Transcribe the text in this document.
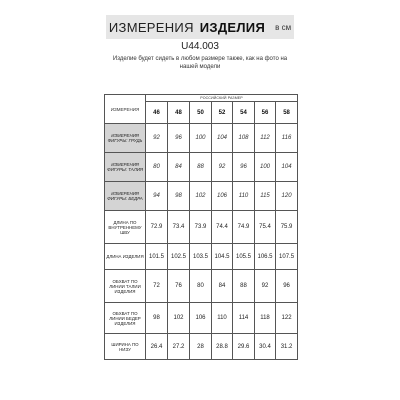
ИЗМЕРЕНИЯ ИЗДЕЛИЯ в см
U44.003
Изделие будет сидеть в любом размере также, как на фото на нашей модели
ИЗМЕРЕНИЯ	РОССИЙСКИЙ РАЗМЕР						
	46	48	50	52	54	56	58
ИЗМЕРЕНИЯ ФИГУРЫ: ГРУДЬ	92	96	100	104	108	112	116
ИЗМЕРЕНИЯ ФИГУРЫ: ТАЛИЯ	80	84	88	92	96	100	104
ИЗМЕРЕНИЯ ФИГУРЫ: БЕДРА	94	98	102	106	110	115	120
ДЛИНА ПО ВНУТРЕННЕМУ ШВУ	72.9	73.4	73.9	74.4	74.9	75.4	75.9
ДЛИНА ИЗДЕЛИЯ	101.5	102.5	103.5	104.5	105.5	106.5	107.5
ОБХВАТ ПО ЛИНИИ ТАЛИИ ИЗДЕЛИЯ	72	76	80	84	88	92	96
ОБХВАТ ПО ЛИНИИ БЕДЕР ИЗДЕЛИЯ	98	102	106	110	114	118	122
ШИРИНА ПО НИЗУ	26.4	27.2	28	28.8	29.6	30.4	31.2
